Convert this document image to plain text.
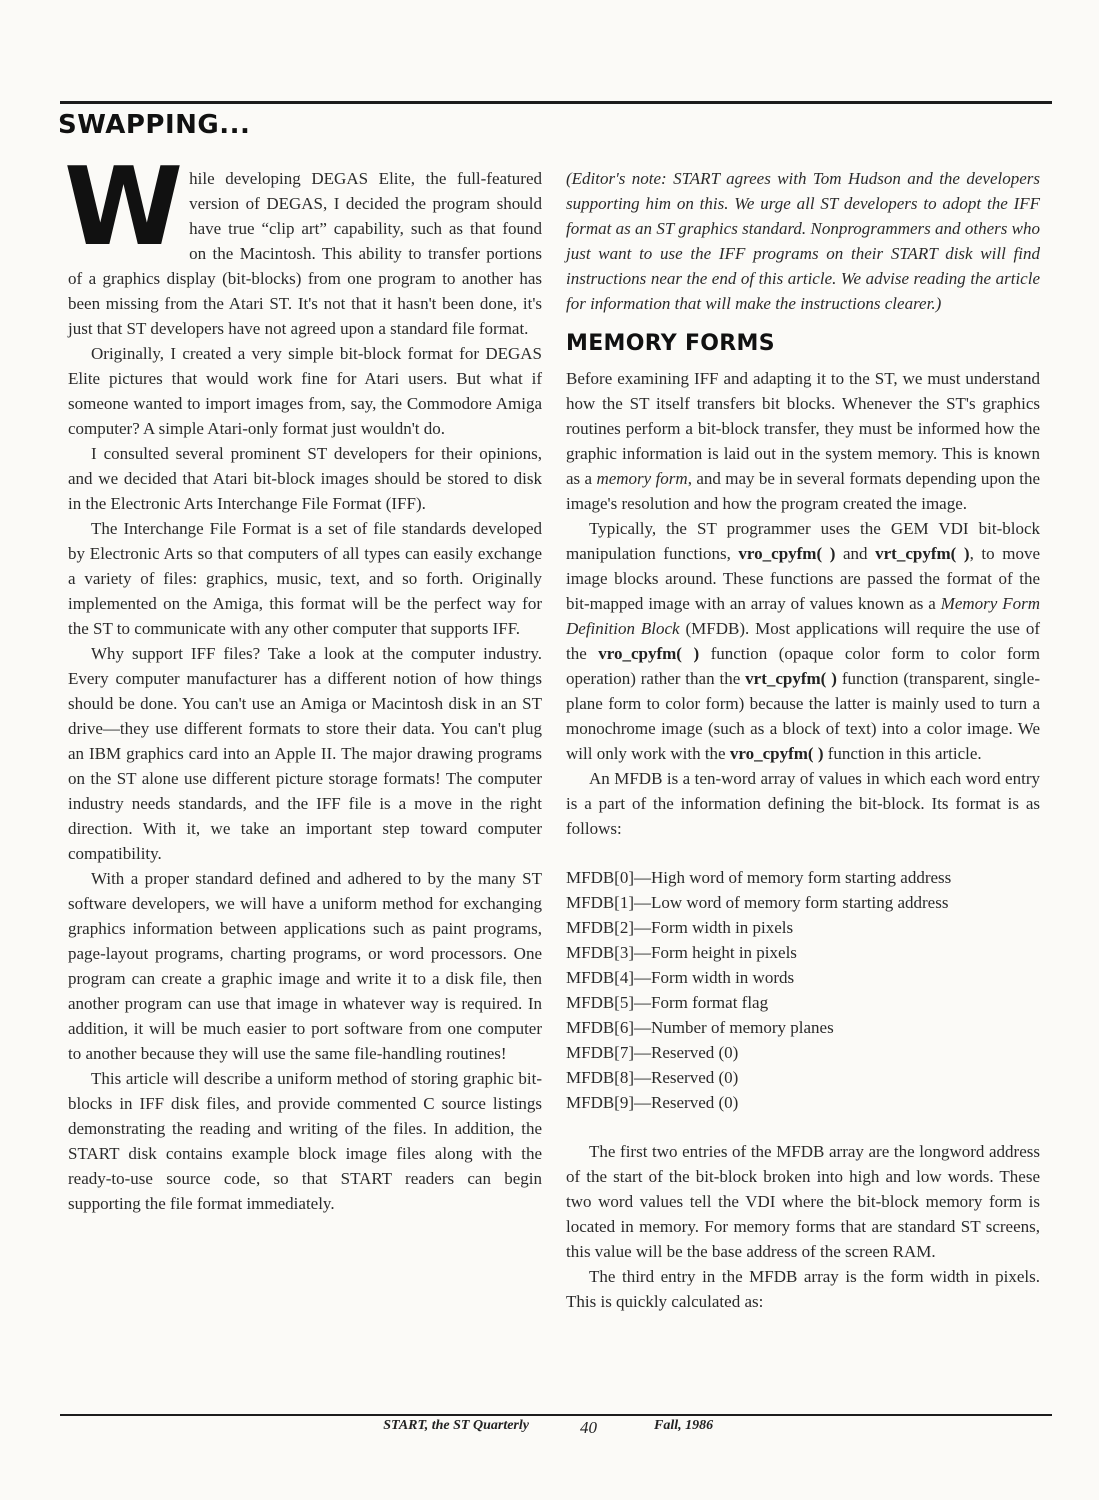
SWAPPING...

While developing DEGAS Elite, the full-featured version of DEGAS, I decided the program should have true “clip art” capability, such as that found on the Macintosh. This ability to transfer portions of a graphics display (bit-blocks) from one program to another has been missing from the Atari ST. It's not that it hasn't been done, it's just that ST developers have not agreed upon a standard file format.

Originally, I created a very simple bit-block format for DEGAS Elite pictures that would work fine for Atari users. But what if someone wanted to import images from, say, the Commodore Amiga computer? A simple Atari-only format just wouldn't do.

I consulted several prominent ST developers for their opinions, and we decided that Atari bit-block images should be stored to disk in the Electronic Arts Interchange File Format (IFF).

The Interchange File Format is a set of file standards developed by Electronic Arts so that computers of all types can easily exchange a variety of files: graphics, music, text, and so forth. Originally implemented on the Amiga, this format will be the perfect way for the ST to communicate with any other computer that supports IFF.

Why support IFF files? Take a look at the computer industry. Every computer manufacturer has a different notion of how things should be done. You can't use an Amiga or Macintosh disk in an ST drive—they use different formats to store their data. You can't plug an IBM graphics card into an Apple II. The major drawing programs on the ST alone use different picture storage formats! The computer industry needs standards, and the IFF file is a move in the right direction. With it, we take an important step toward computer compatibility.

With a proper standard defined and adhered to by the many ST software developers, we will have a uniform method for exchanging graphics information between applications such as paint programs, page-layout programs, charting programs, or word processors. One program can create a graphic image and write it to a disk file, then another program can use that image in whatever way is required. In addition, it will be much easier to port software from one computer to another because they will use the same file-handling routines!

This article will describe a uniform method of storing graphic bit-blocks in IFF disk files, and provide commented C source listings demonstrating the reading and writing of the files. In addition, the START disk contains example block image files along with the ready-to-use source code, so that START readers can begin supporting the file format immediately.

(Editor's note: START agrees with Tom Hudson and the developers supporting him on this. We urge all ST developers to adopt the IFF format as an ST graphics standard. Nonprogrammers and others who just want to use the IFF programs on their START disk will find instructions near the end of this article. We advise reading the article for information that will make the instructions clearer.)

MEMORY FORMS

Before examining IFF and adapting it to the ST, we must understand how the ST itself transfers bit blocks. Whenever the ST's graphics routines perform a bit-block transfer, they must be informed how the graphic information is laid out in the system memory. This is known as a memory form, and may be in several formats depending upon the image's resolution and how the program created the image.

Typically, the ST programmer uses the GEM VDI bit-block manipulation functions, vro_cpyfm( ) and vrt_cpyfm( ), to move image blocks around. These functions are passed the format of the bit-mapped image with an array of values known as a Memory Form Definition Block (MFDB). Most applications will require the use of the vro_cpyfm( ) function (opaque color form to color form operation) rather than the vrt_cpyfm( ) function (transparent, single-plane form to color form) because the latter is mainly used to turn a monochrome image (such as a block of text) into a color image. We will only work with the vro_cpyfm( ) function in this article.

An MFDB is a ten-word array of values in which each word entry is a part of the information defining the bit-block. Its format is as follows:

MFDB[0]—High word of memory form starting address
MFDB[1]—Low word of memory form starting address
MFDB[2]—Form width in pixels
MFDB[3]—Form height in pixels
MFDB[4]—Form width in words
MFDB[5]—Form format flag
MFDB[6]—Number of memory planes
MFDB[7]—Reserved (0)
MFDB[8]—Reserved (0)
MFDB[9]—Reserved (0)

The first two entries of the MFDB array are the longword address of the start of the bit-block broken into high and low words. These two word values tell the VDI where the bit-block memory form is located in memory. For memory forms that are standard ST screens, this value will be the base address of the screen RAM.

The third entry in the MFDB array is the form width in pixels. This is quickly calculated as:

START, the ST Quarterly	40	Fall, 1986
